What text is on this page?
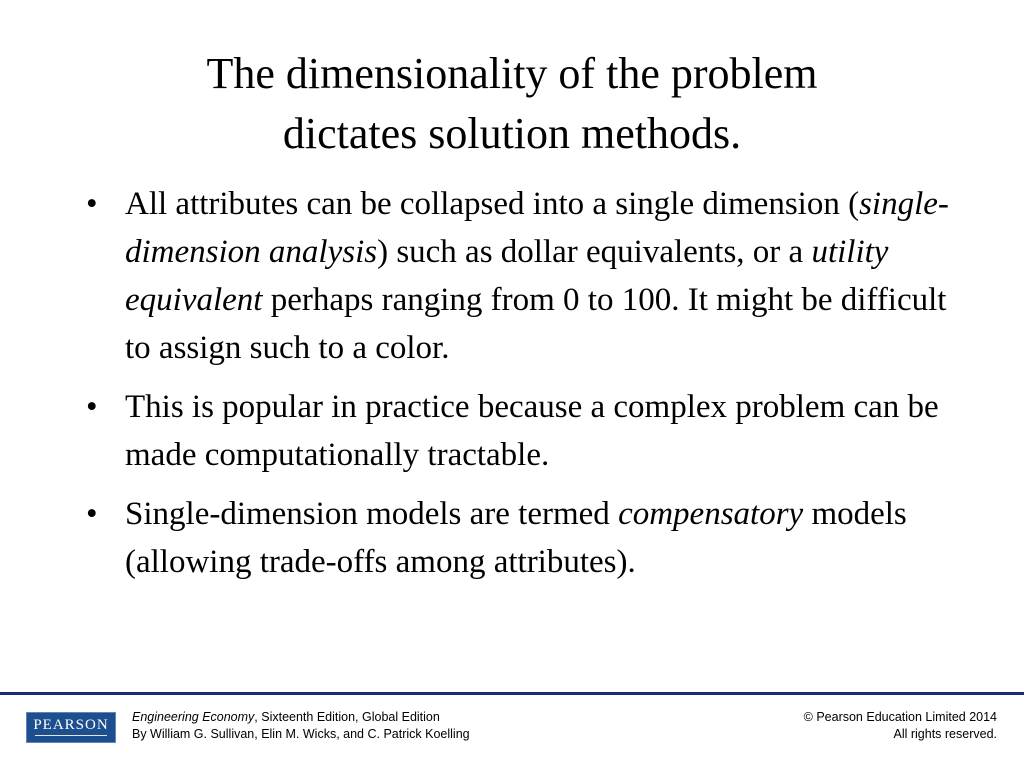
The dimensionality of the problem
dictates solution methods.
• All attributes can be collapsed into a single dimension (single-dimension analysis) such as dollar equivalents, or a utility equivalent perhaps ranging from 0 to 100. It might be difficult to assign such to a color.
• This is popular in practice because a complex problem can be made computationally tractable.
• Single-dimension models are termed compensatory models (allowing trade-offs among attributes).
PEARSON	Engineering Economy, Sixteenth Edition, Global Edition
By William G. Sullivan, Elin M. Wicks, and C. Patrick Koelling
© Pearson Education Limited 2014
All rights reserved.
